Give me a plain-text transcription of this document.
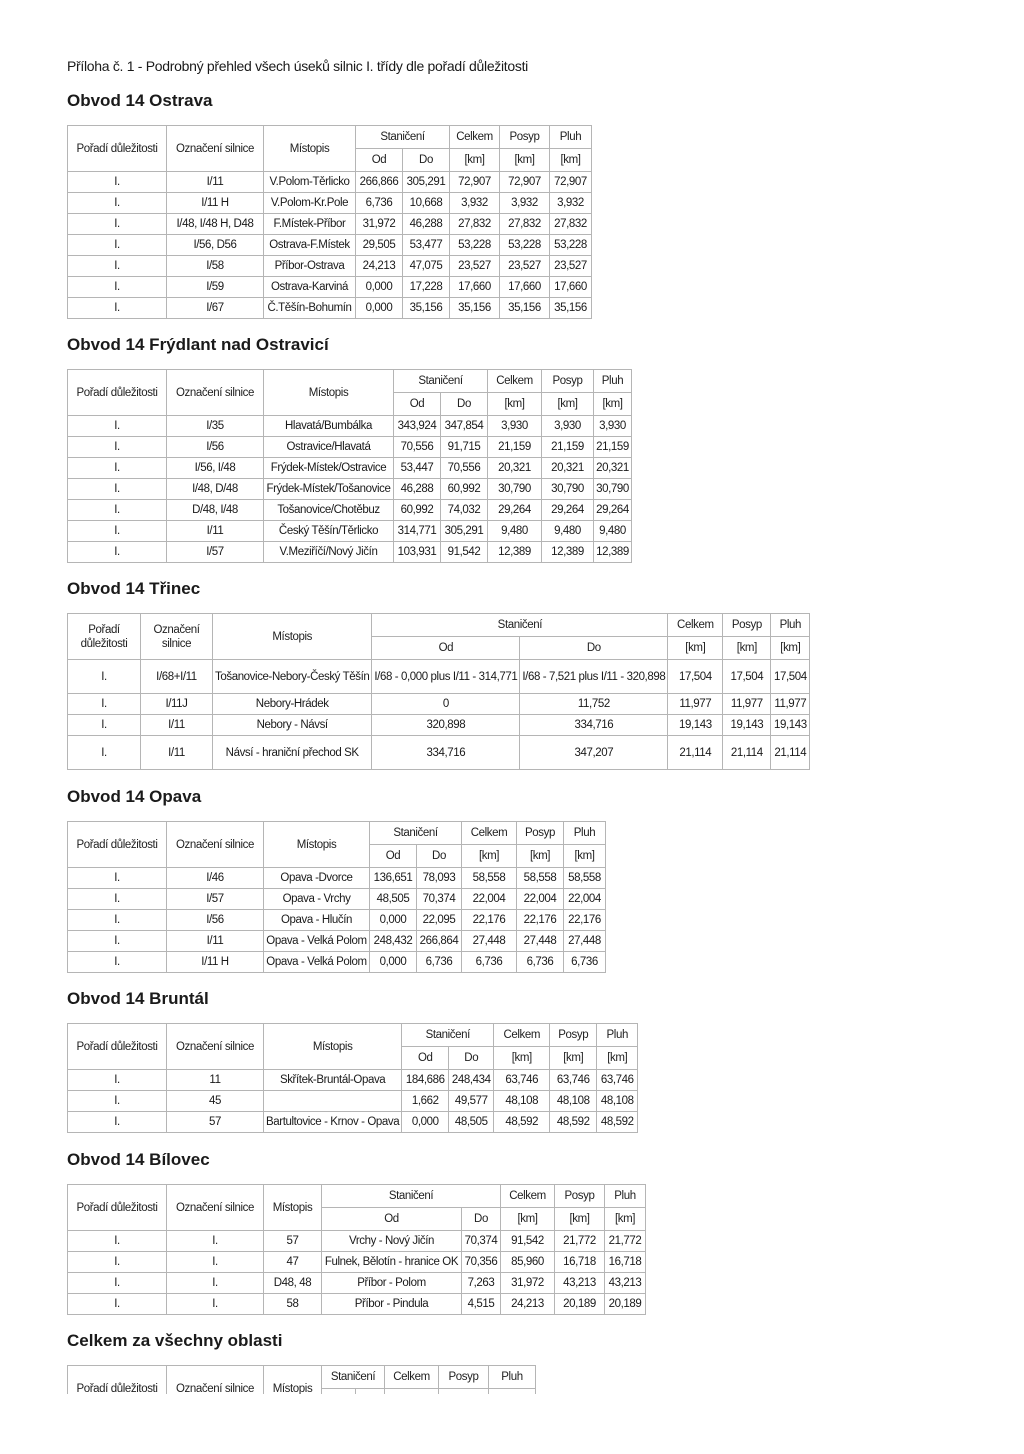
Příloha č. 1 - Podrobný přehled všech úseků silnic I. třídy dle pořadí důležitosti
Obvod 14 Ostrava
Pořadí důležitosti	Označení silnice	Místopis	Staničení		Celkem	Posyp	Pluh
			Od	Do	[km]	[km]	[km]
I.	I/11	V.Polom-Těrlicko	266,866	305,291	72,907	72,907	72,907
I.	I/11 H	V.Polom-Kr.Pole	6,736	10,668	3,932	3,932	3,932
I.	I/48, I/48 H, D48	F.Místek-Příbor	31,972	46,288	27,832	27,832	27,832
I.	I/56, D56	Ostrava-F.Místek	29,505	53,477	53,228	53,228	53,228
I.	I/58	Příbor-Ostrava	24,213	47,075	23,527	23,527	23,527
I.	I/59	Ostrava-Karviná	0,000	17,228	17,660	17,660	17,660
I.	I/67	Č.Těšín-Bohumín	0,000	35,156	35,156	35,156	35,156
Obvod 14 Frýdlant nad Ostravicí
Pořadí důležitosti	Označení silnice	Místopis	Staničení		Celkem	Posyp	Pluh
			Od	Do	[km]	[km]	[km]
I.	I/35	Hlavatá/Bumbálka	343,924	347,854	3,930	3,930	3,930
I.	I/56	Ostravice/Hlavatá	70,556	91,715	21,159	21,159	21,159
I.	I/56, I/48	Frýdek-Místek/Ostravice	53,447	70,556	20,321	20,321	20,321
I.	I/48, D/48	Frýdek-Místek/Tošanovice	46,288	60,992	30,790	30,790	30,790
I.	D/48, I/48	Tošanovice/Chotěbuz	60,992	74,032	29,264	29,264	29,264
I.	I/11	Český Těšín/Těrlicko	314,771	305,291	9,480	9,480	9,480
I.	I/57	V.Meziříčí/Nový Jičín	103,931	91,542	12,389	12,389	12,389
Obvod 14 Třinec
Pořadí
důležitosti	Označení
silnice	Místopis	Staničení		Celkem	Posyp	Pluh
			Od	Do	[km]	[km]	[km]
I.	I/68+I/11	Tošanovice-Nebory-Český Těšín	I/68 - 0,000 plus I/11 - 314,771	I/68 - 7,521 plus I/11 - 320,898	17,504	17,504	17,504
I.	I/11J	Nebory-Hrádek	0	11,752	11,977	11,977	11,977
I.	I/11	Nebory - Návsí	320,898	334,716	19,143	19,143	19,143
I.	I/11	Návsí - hraniční přechod SK	334,716	347,207	21,114	21,114	21,114
Obvod 14 Opava
Pořadí důležitosti	Označení silnice	Místopis	Staničení		Celkem	Posyp	Pluh
			Od	Do	[km]	[km]	[km]
I.	I/46	Opava -Dvorce	136,651	78,093	58,558	58,558	58,558
I.	I/57	Opava - Vrchy	48,505	70,374	22,004	22,004	22,004
I.	I/56	Opava - Hlučín	0,000	22,095	22,176	22,176	22,176
I.	I/11	Opava - Velká Polom	248,432	266,864	27,448	27,448	27,448
I.	I/11 H	Opava - Velká Polom	0,000	6,736	6,736	6,736	6,736
Obvod 14 Bruntál
Pořadí důležitosti	Označení silnice	Místopis	Staničení		Celkem	Posyp	Pluh
			Od	Do	[km]	[km]	[km]
I.	11	Skřítek-Bruntál-Opava	184,686	248,434	63,746	63,746	63,746
I.	45		1,662	49,577	48,108	48,108	48,108
I.	57	Bartultovice - Krnov - Opava	0,000	48,505	48,592	48,592	48,592
Obvod 14 Bílovec
Pořadí důležitosti	Označení silnice	Místopis	Staničení		Celkem	Posyp	Pluh
			Od	Do	[km]	[km]	[km]
I.	I.	57	Vrchy - Nový Jičín	70,374	91,542	21,772	21,772
I.	I.	47	Fulnek, Bělotín - hranice OK	70,356	85,960	16,718	16,718
I.	I.	D48, 48	Příbor - Polom	7,263	31,972	43,213	43,213
I.	I.	58	Příbor - Pindula	4,515	24,213	20,189	20,189
Celkem za všechny oblasti
Pořadí důležitosti	Označení silnice	Místopis	Staničení		Celkem	Posyp	Pluh
